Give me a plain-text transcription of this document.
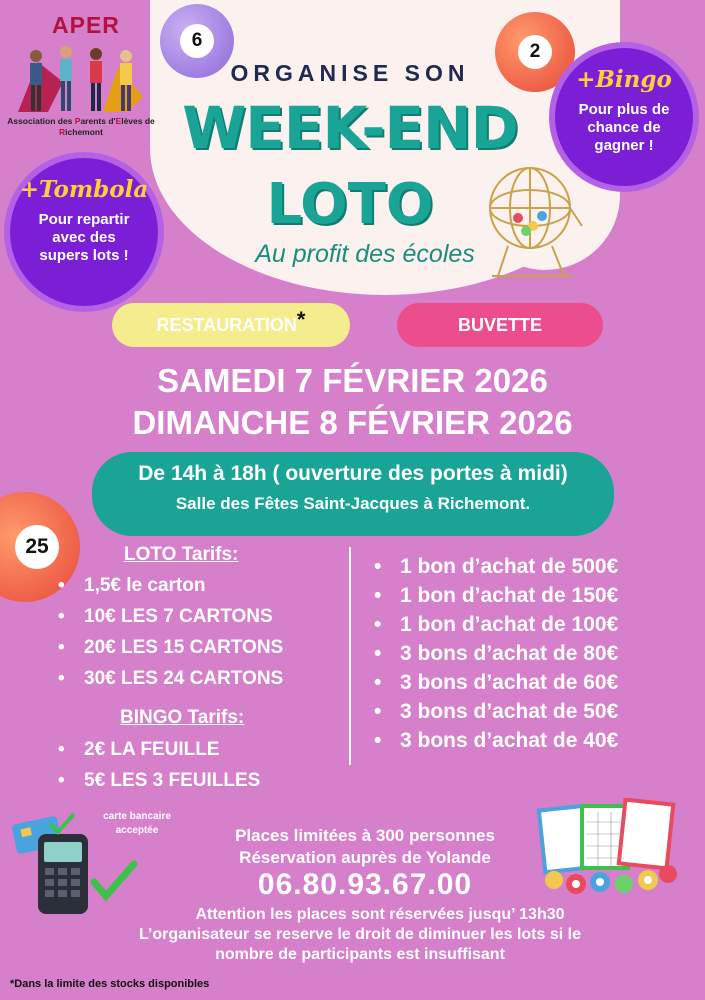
APER
Association des Parents d'Elèves de
Richemont
6
2
25
ORGANISE SON
WEEK-END
LOTO
Au profit des écoles
+Bingo
Pour plus de chance de gagner !
+Tombola
Pour repartir avec des supers lots !
RESTAURATION *	BUVETTE
SAMEDI 7 FÉVRIER 2026
DIMANCHE 8 FÉVRIER 2026
De 14h à 18h ( ouverture des portes à midi)
Salle des Fêtes Saint-Jacques à Richemont.
LOTO Tarifs:
• 1,5€ le carton
• 10€ LES 7 CARTONS
• 20€ LES 15 CARTONS
• 30€ LES 24 CARTONS
BINGO Tarifs:
• 2€ LA FEUILLE
• 5€ LES 3 FEUILLES
• 1 bon d’achat de 500€
• 1 bon d’achat de 150€
• 1 bon d’achat de 100€
• 3 bons d’achat de 80€
• 3 bons d’achat de 60€
• 3 bons d’achat de 50€
• 3 bons d’achat de 40€
carte bancaire
acceptée	Places limitées à 300 personnes
Réservation auprès de Yolande
06.80.93.67.00
Attention les places sont réservées jusqu’ 13h30
L’organisateur se reserve le droit de diminuer les lots si le
nombre de participants est insuffisant
*Dans la limite des stocks disponibles
